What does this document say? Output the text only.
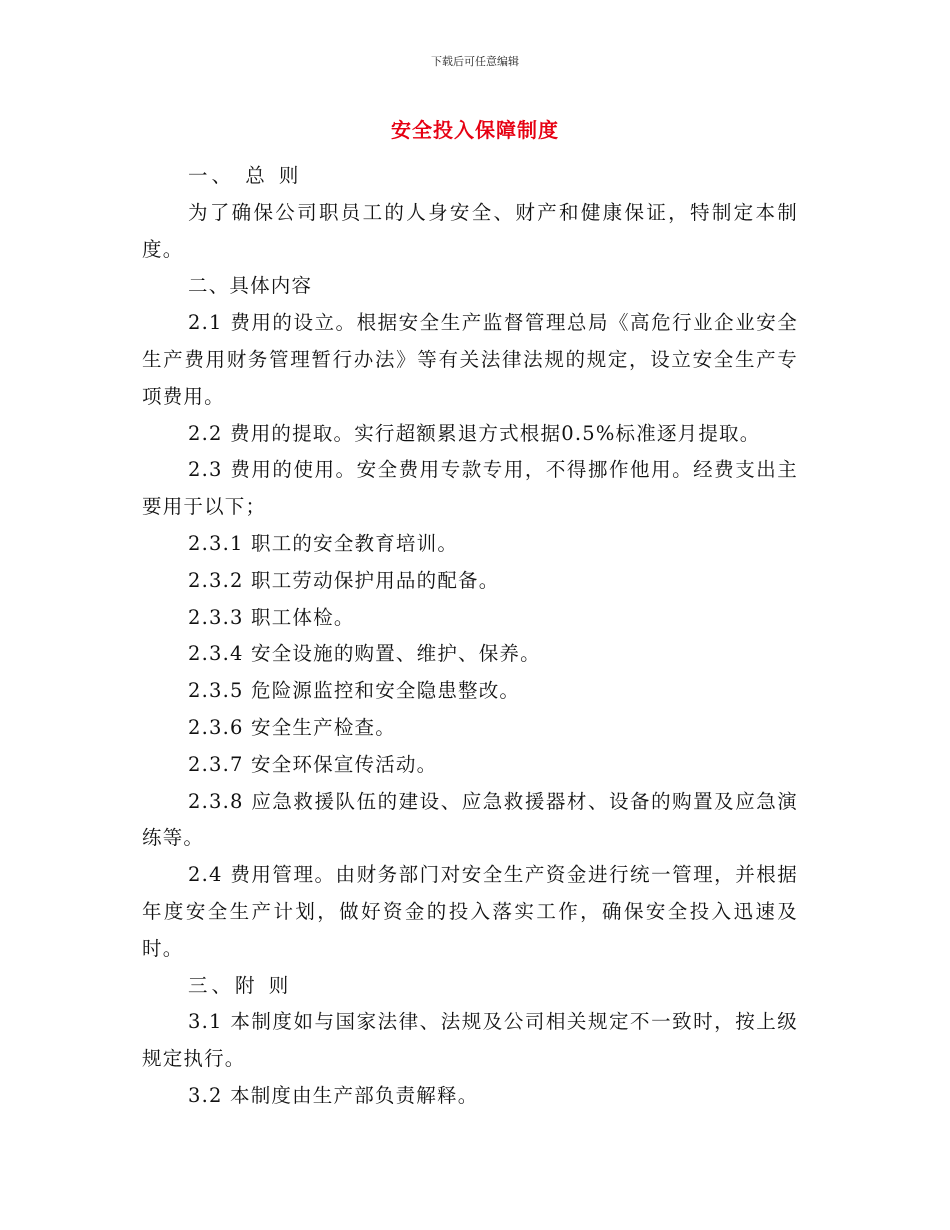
下载后可任意编辑
安全投入保障制度

一、 总 则

为了确保公司职员工的人身安全、财产和健康保证，特制定本制度。

二、具体内容

2.1 费用的设立。根据安全生产监督管理总局《高危行业企业安全生产费用财务管理暂行办法》等有关法律法规的规定，设立安全生产专项费用。

2.2 费用的提取。实行超额累退方式根据0.5%标准逐月提取。

2.3 费用的使用。安全费用专款专用，不得挪作他用。经费支出主要用于以下；

2.3.1 职工的安全教育培训。

2.3.2 职工劳动保护用品的配备。

2.3.3 职工体检。

2.3.4 安全设施的购置、维护、保养。

2.3.5 危险源监控和安全隐患整改。

2.3.6 安全生产检查。

2.3.7 安全环保宣传活动。

2.3.8 应急救援队伍的建设、应急救援器材、设备的购置及应急演练等。

2.4 费用管理。由财务部门对安全生产资金进行统一管理，并根据年度安全生产计划，做好资金的投入落实工作，确保安全投入迅速及时。

三、附 则

3.1 本制度如与国家法律、法规及公司相关规定不一致时，按上级规定执行。

3.2 本制度由生产部负责解释。
